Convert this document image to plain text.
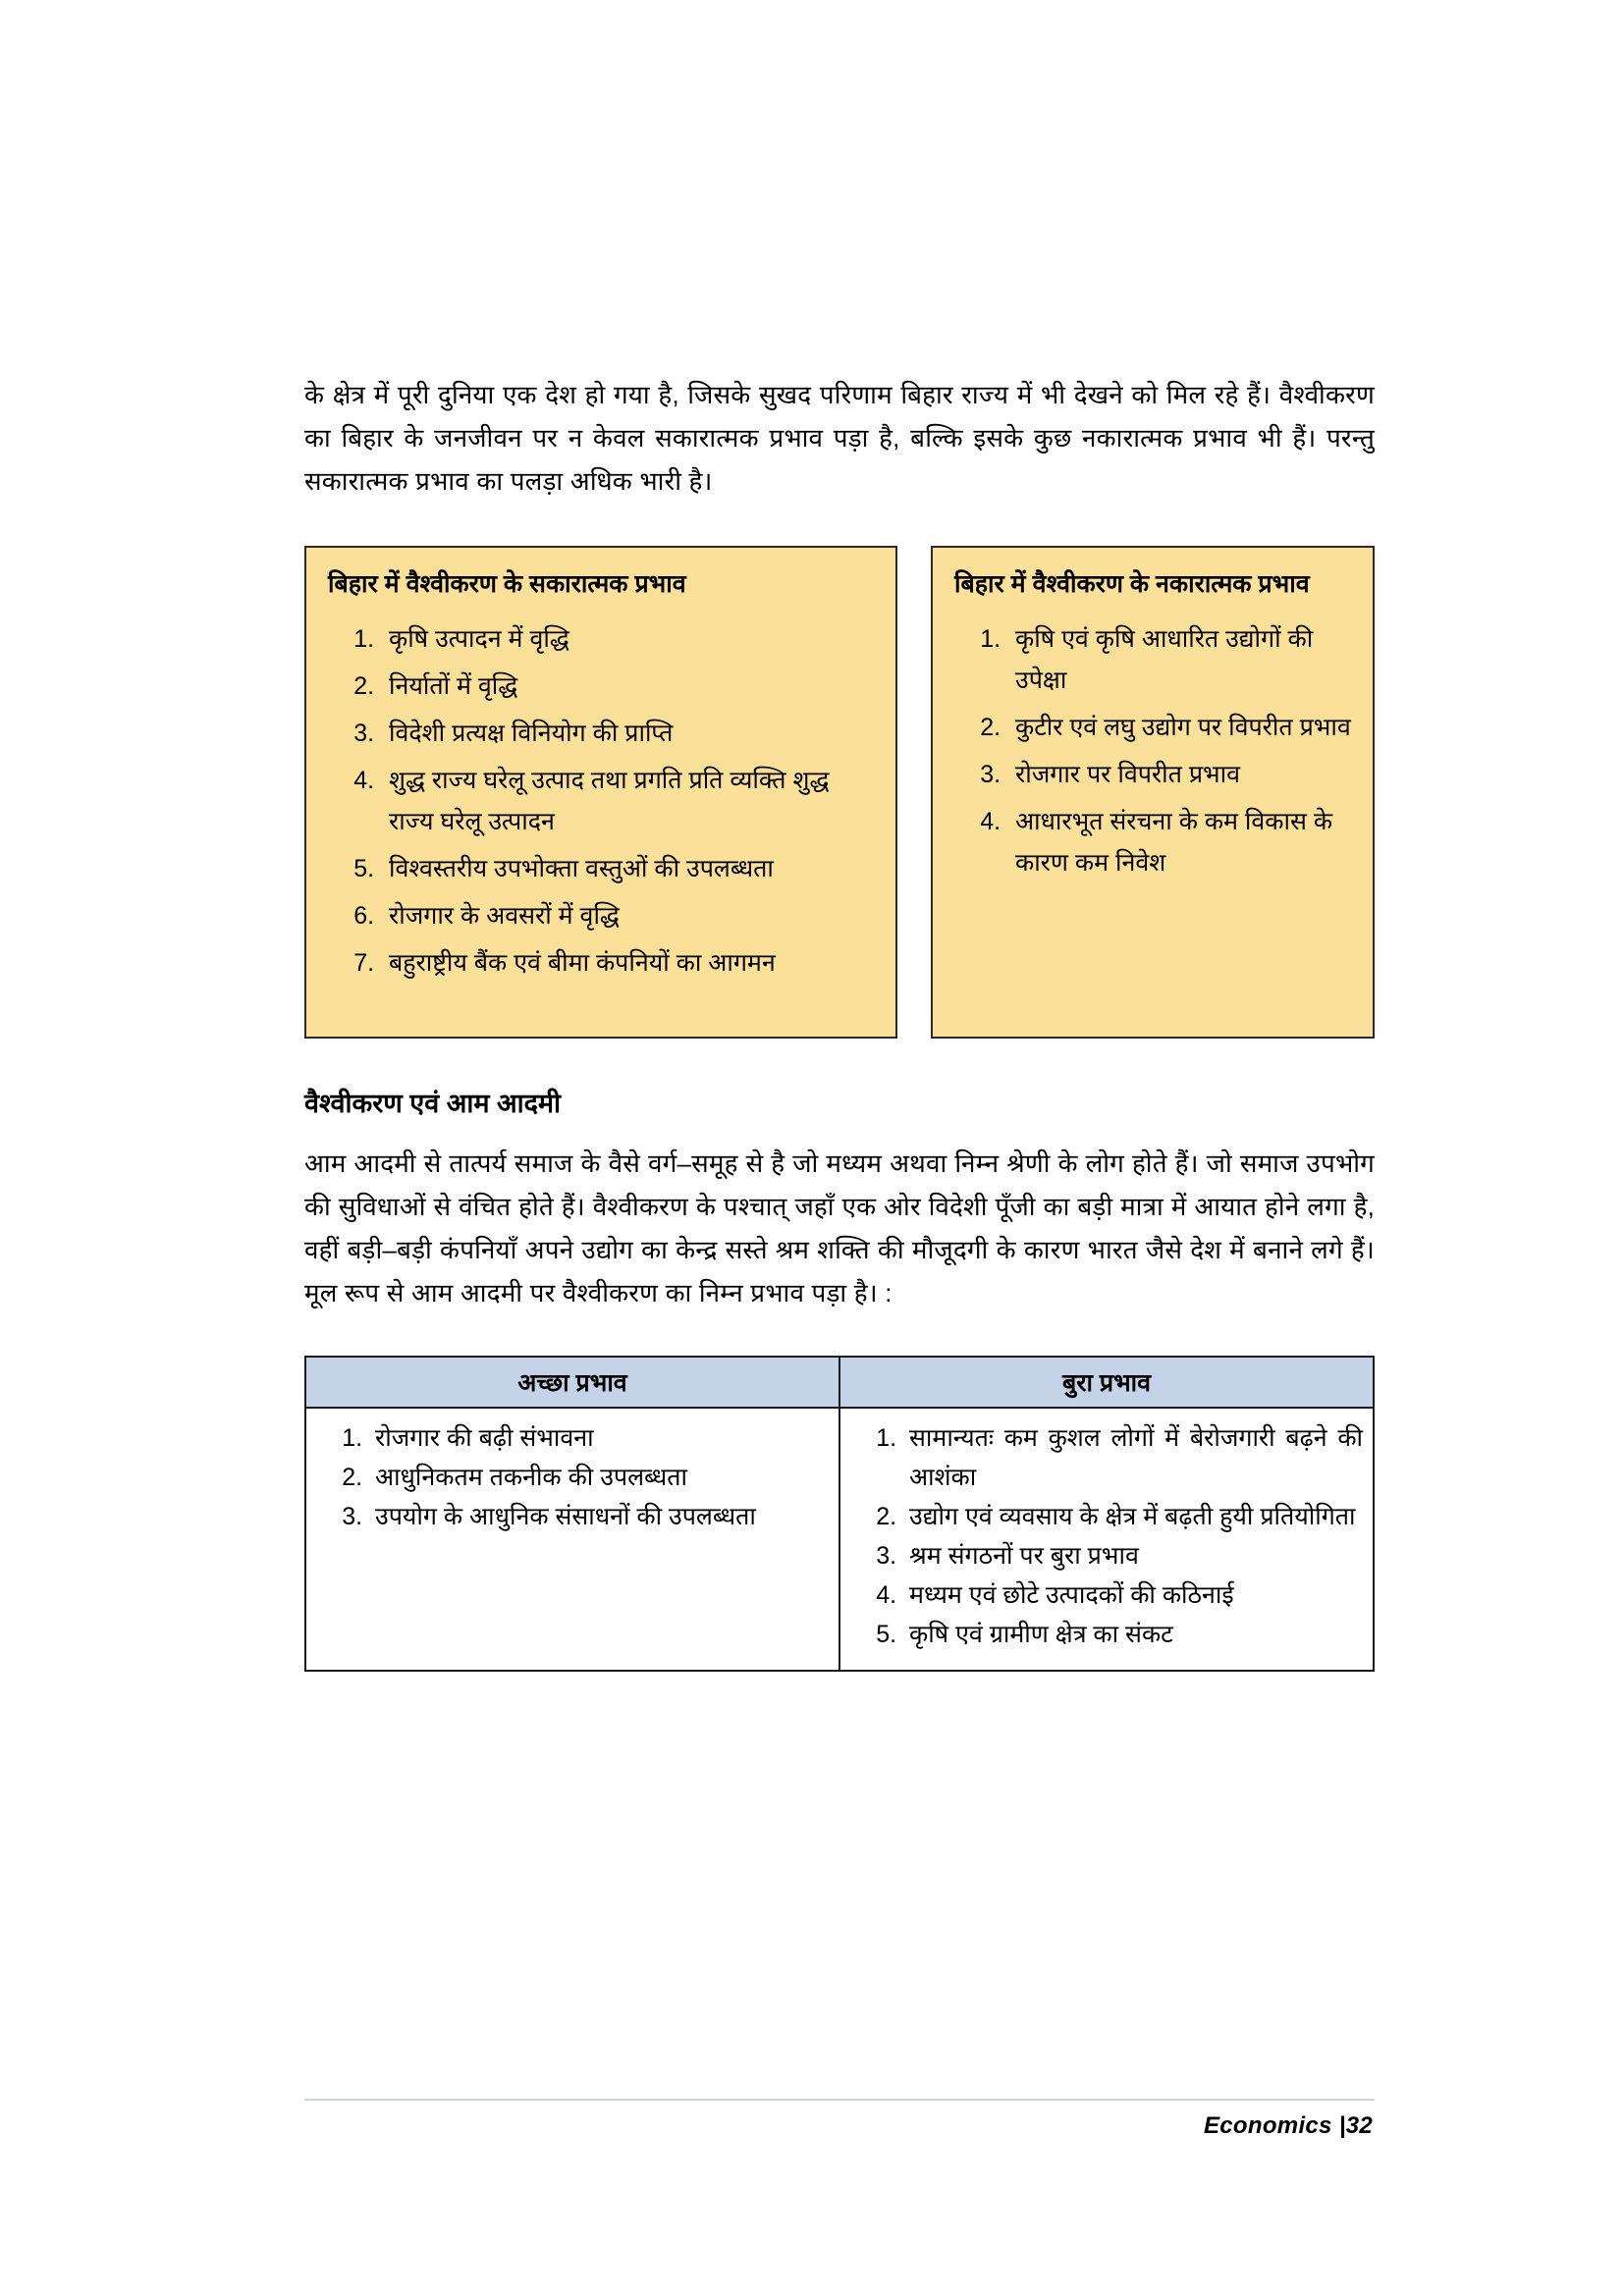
के क्षेत्र में पूरी दुनिया एक देश हो गया है, जिसके सुखद परिणाम बिहार राज्य में भी देखने को मिल रहे हैं। वैश्वीकरण का बिहार के जनजीवन पर न केवल सकारात्मक प्रभाव पड़ा है, बल्कि इसके कुछ नकारात्मक प्रभाव भी हैं। परन्तु सकारात्मक प्रभाव का पलड़ा अधिक भारी है।

बिहार में वैश्वीकरण के सकारात्मक प्रभाव
1. कृषि उत्पादन में वृद्धि
2. निर्यातों में वृद्धि
3. विदेशी प्रत्यक्ष विनियोग की प्राप्ति
4. शुद्ध राज्य घरेलू उत्पाद तथा प्रगति प्रति व्यक्ति शुद्ध राज्य घरेलू उत्पादन
5. विश्वस्तरीय उपभोक्ता वस्तुओं की उपलब्धता
6. रोजगार के अवसरों में वृद्धि
7. बहुराष्ट्रीय बैंक एवं बीमा कंपनियों का आगमन
बिहार में वैश्वीकरण के नकारात्मक प्रभाव
1. कृषि एवं कृषि आधारित उद्योगों की उपेक्षा
2. कुटीर एवं लघु उद्योग पर विपरीत प्रभाव
3. रोजगार पर विपरीत प्रभाव
4. आधारभूत संरचना के कम विकास के कारण कम निवेश
वैश्वीकरण एवं आम आदमी

आम आदमी से तात्पर्य समाज के वैसे वर्ग–समूह से है जो मध्यम अथवा निम्न श्रेणी के लोग होते हैं। जो समाज उपभोग की सुविधाओं से वंचित होते हैं। वैश्वीकरण के पश्चात् जहाँ एक ओर विदेशी पूँजी का बड़ी मात्रा में आयात होने लगा है, वहीं बड़ी–बड़ी कंपनियाँ अपने उद्योग का केन्द्र सस्ते श्रम शक्ति की मौजूदगी के कारण भारत जैसे देश में बनाने लगे हैं। मूल रूप से आम आदमी पर वैश्वीकरण का निम्न प्रभाव पड़ा है। :

अच्छा प्रभाव	बुरा प्रभाव

1. रोजगार की बढ़ी संभावना
2. आधुनिकतम तकनीक की उपलब्धता
3. उपयोग के आधुनिक संसाधनों की उपलब्धता

1. सामान्यतः कम कुशल लोगों में बेरोजगारी बढ़ने की आशंका
2. उद्योग एवं व्यवसाय के क्षेत्र में बढ़ती हुयी प्रतियोगिता
3. श्रम संगठनों पर बुरा प्रभाव
4. मध्यम एवं छोटे उत्पादकों की कठिनाई
5. कृषि एवं ग्रामीण क्षेत्र का संकट
Economics |32
